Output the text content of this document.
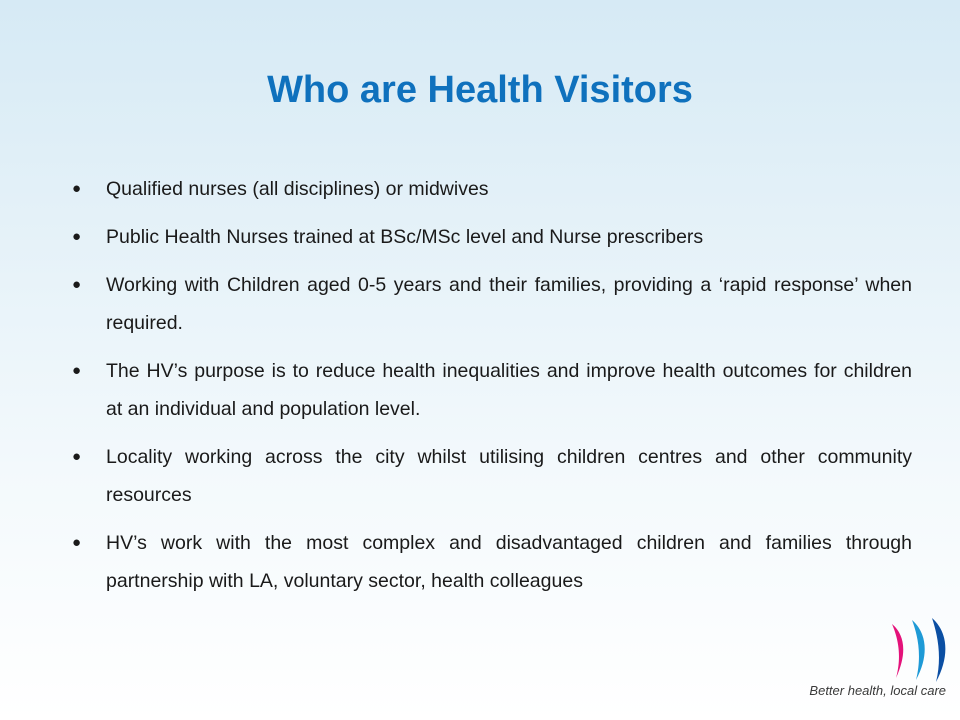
Who are Health Visitors
●	Qualified nurses (all disciplines) or midwives
●	Public Health Nurses trained at BSc/MSc level and Nurse prescribers
●	Working with Children aged 0-5 years and their families, providing a ‘rapid response’ when required.
●	The HV’s purpose is to reduce health inequalities and improve health outcomes for children at an individual and population level.
●	Locality working across the city whilst utilising children centres and other community resources
●	HV’s work with the most complex and disadvantaged children and families through partnership with LA, voluntary sector, health colleagues
Better health, local care
